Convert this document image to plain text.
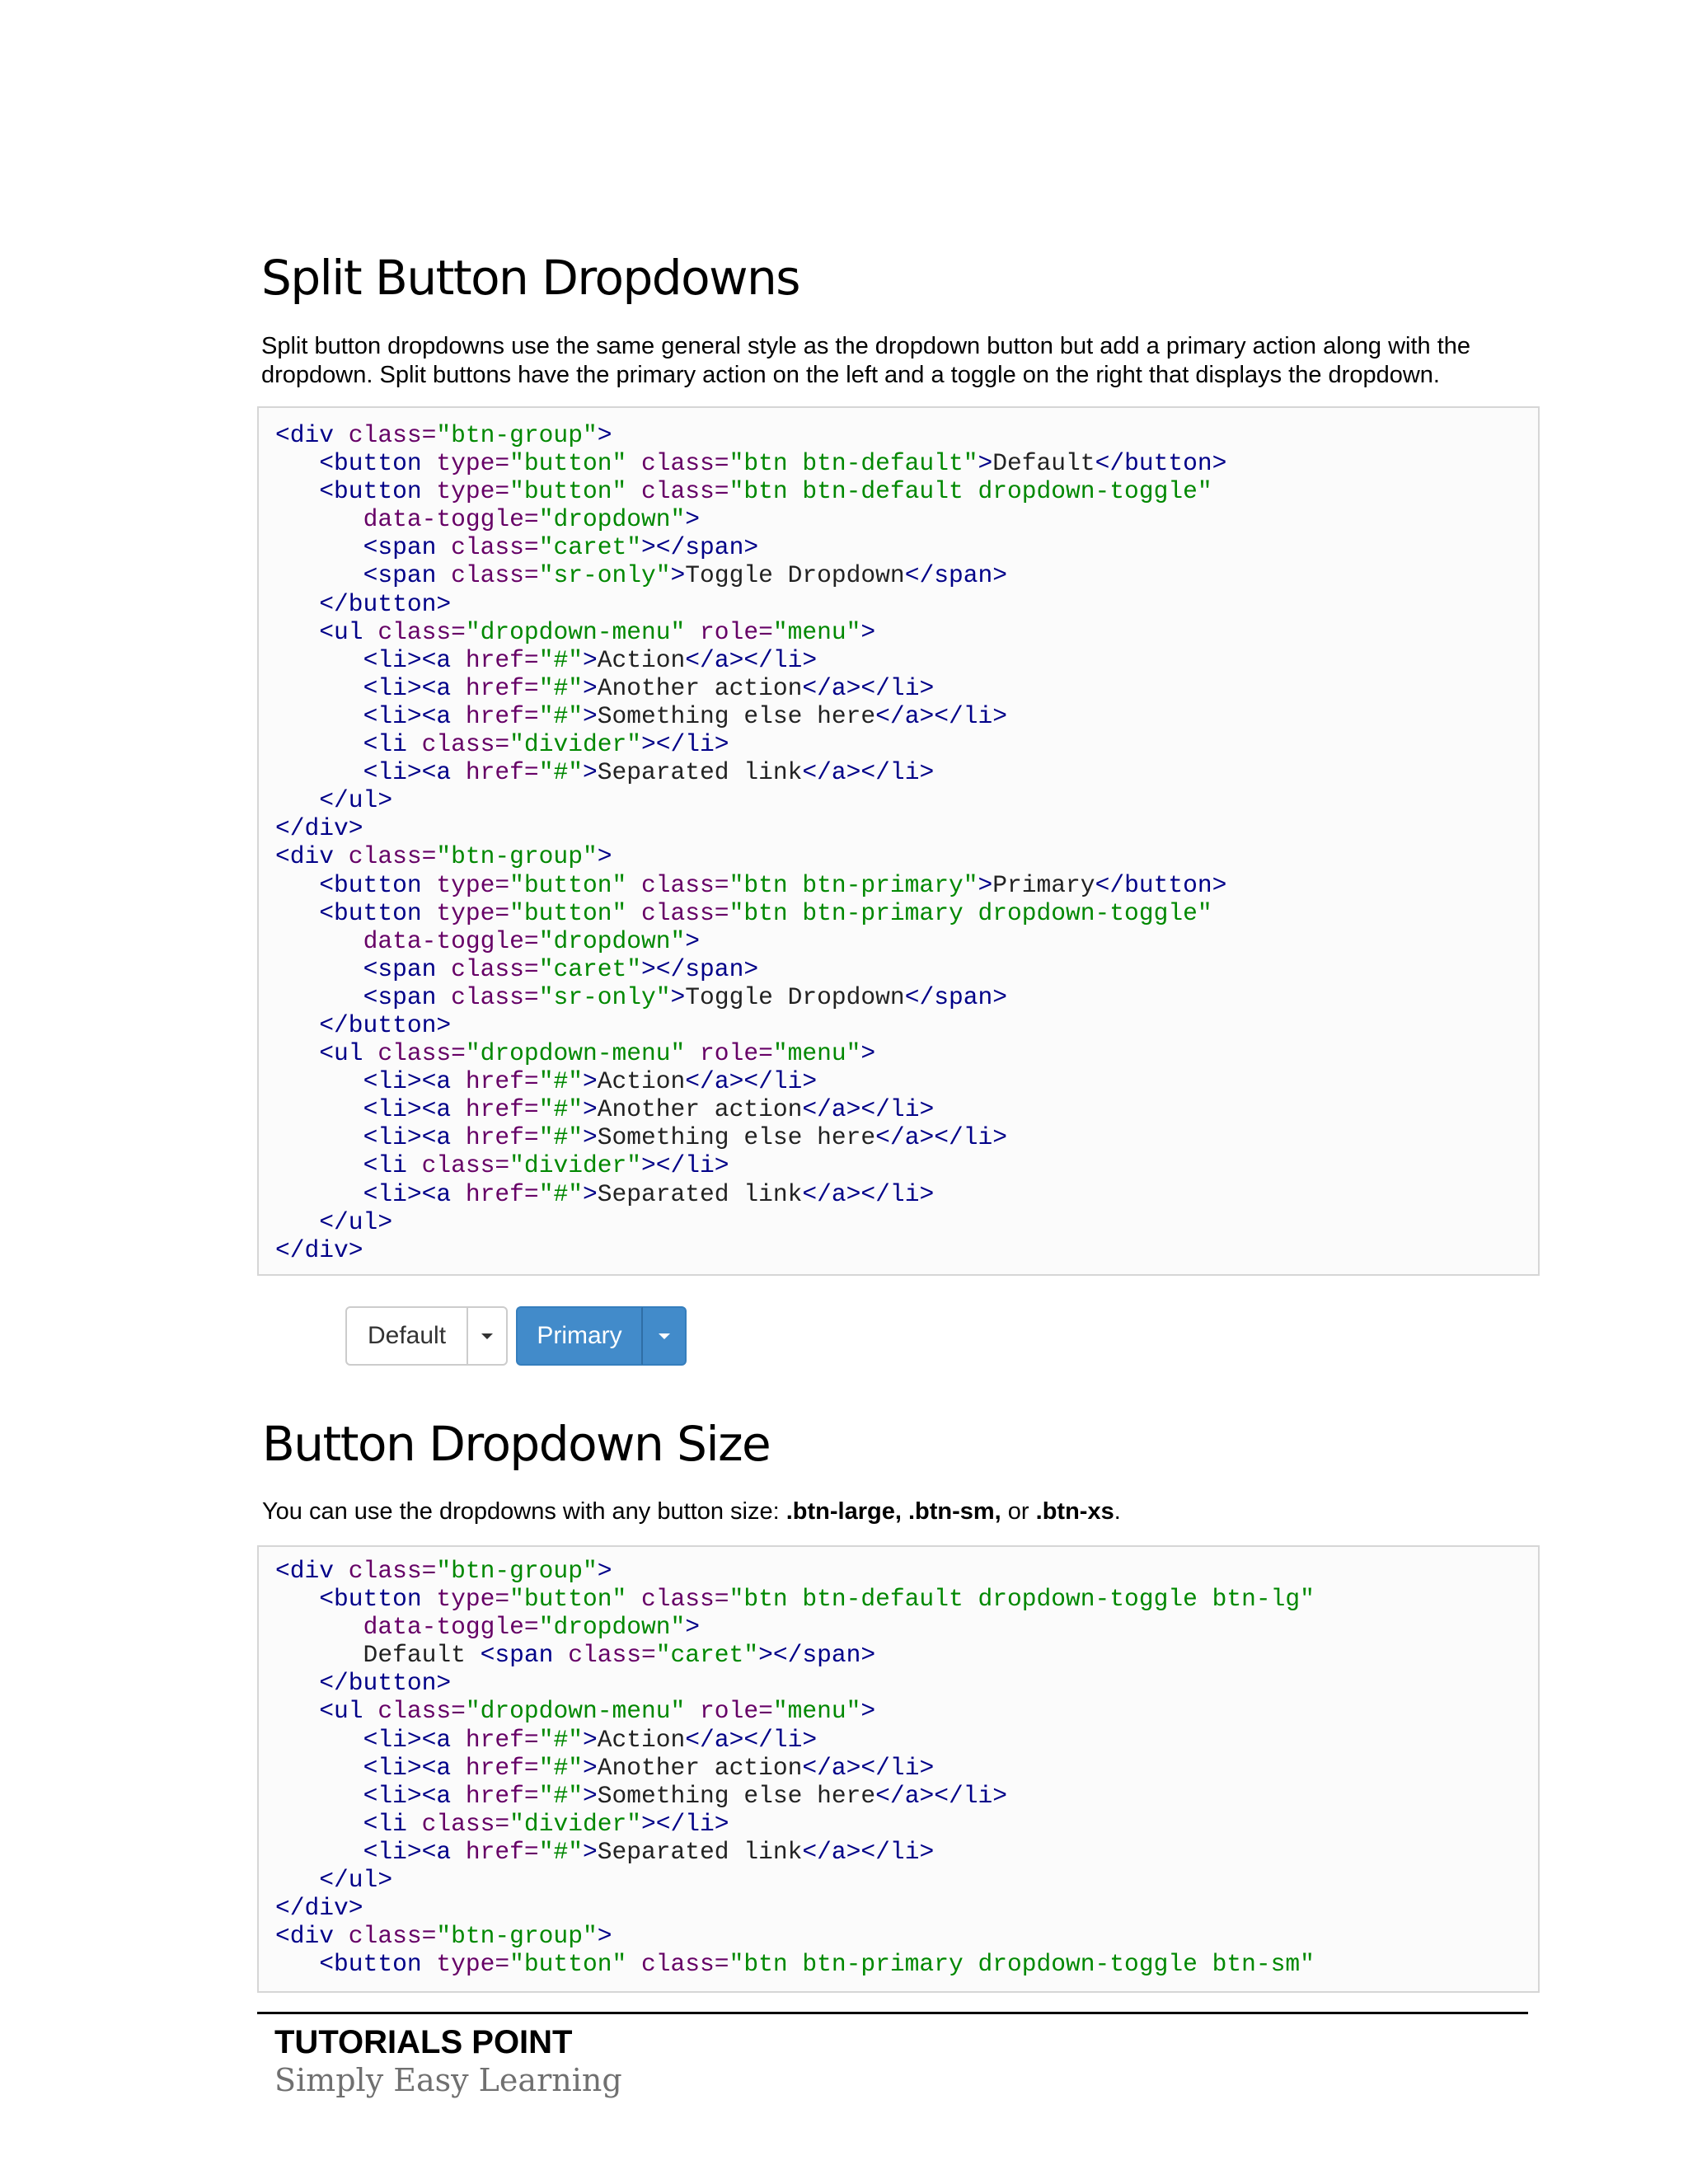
Split Button Dropdowns

Split button dropdowns use the same general style as the dropdown button but add a primary action along with the dropdown. Split buttons have the primary action on the left and a toggle on the right that displays the dropdown.

<div class="btn-group">
<button type="button" class="btn btn-default">Default</button>
<button type="button" class="btn btn-default dropdown-toggle"
data-toggle="dropdown">
<span class="caret"></span>
<span class="sr-only">Toggle Dropdown</span>
</button>
<ul class="dropdown-menu" role="menu">
<li><a href="#">Action</a></li>
<li><a href="#">Another action</a></li>
<li><a href="#">Something else here</a></li>
<li class="divider"></li>
<li><a href="#">Separated link</a></li>
</ul>
</div>
<div class="btn-group">
<button type="button" class="btn btn-primary">Primary</button>
<button type="button" class="btn btn-primary dropdown-toggle"
data-toggle="dropdown">
<span class="caret"></span>
<span class="sr-only">Toggle Dropdown</span>
</button>
<ul class="dropdown-menu" role="menu">
<li><a href="#">Action</a></li>
<li><a href="#">Another action</a></li>
<li><a href="#">Something else here</a></li>
<li class="divider"></li>
<li><a href="#">Separated link</a></li>
</ul>
</div>
Default	Primary
Button Dropdown Size

You can use the dropdowns with any button size: .btn-large, .btn-sm, or .btn-xs.

<div class="btn-group">
<button type="button" class="btn btn-default dropdown-toggle btn-lg"
data-toggle="dropdown">
Default <span class="caret"></span>
</button>
<ul class="dropdown-menu" role="menu">
<li><a href="#">Action</a></li>
<li><a href="#">Another action</a></li>
<li><a href="#">Something else here</a></li>
<li class="divider"></li>
<li><a href="#">Separated link</a></li>
</ul>
</div>
<div class="btn-group">
<button type="button" class="btn btn-primary dropdown-toggle btn-sm"

TUTORIALS POINT

Simply Easy Learning
